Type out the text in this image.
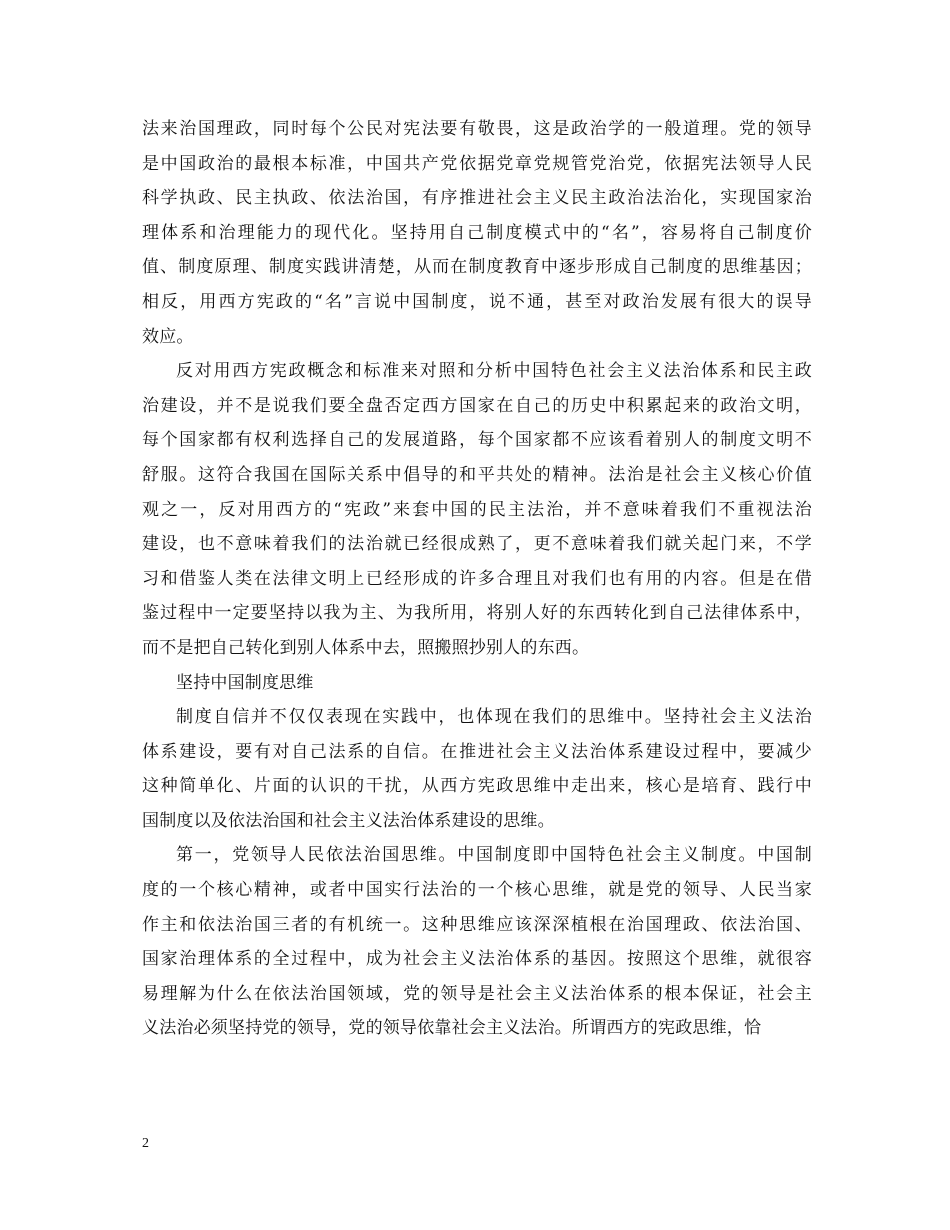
法来治国理政，同时每个公民对宪法要有敬畏，这是政治学的一般道理。党的领导
是中国政治的最根本标准，中国共产党依据党章党规管党治党，依据宪法领导人民
科学执政、民主执政、依法治国，有序推进社会主义民主政治法治化，实现国家治
理体系和治理能力的现代化。坚持用自己制度模式中的“名”，容易将自己制度价
值、制度原理、制度实践讲清楚，从而在制度教育中逐步形成自己制度的思维基因；
相反，用西方宪政的“名”言说中国制度，说不通，甚至对政治发展有很大的误导
效应。
反对用西方宪政概念和标准来对照和分析中国特色社会主义法治体系和民主政
治建设，并不是说我们要全盘否定西方国家在自己的历史中积累起来的政治文明，
每个国家都有权利选择自己的发展道路，每个国家都不应该看着别人的制度文明不
舒服。这符合我国在国际关系中倡导的和平共处的精神。法治是社会主义核心价值
观之一，反对用西方的“宪政”来套中国的民主法治，并不意味着我们不重视法治
建设，也不意味着我们的法治就已经很成熟了，更不意味着我们就关起门来，不学
习和借鉴人类在法律文明上已经形成的许多合理且对我们也有用的内容。但是在借
鉴过程中一定要坚持以我为主、为我所用，将别人好的东西转化到自己法律体系中，
而不是把自己转化到别人体系中去，照搬照抄别人的东西。
坚持中国制度思维
制度自信并不仅仅表现在实践中，也体现在我们的思维中。坚持社会主义法治
体系建设，要有对自己法系的自信。在推进社会主义法治体系建设过程中，要减少
这种简单化、片面的认识的干扰，从西方宪政思维中走出来，核心是培育、践行中
国制度以及依法治国和社会主义法治体系建设的思维。
第一，党领导人民依法治国思维。中国制度即中国特色社会主义制度。中国制
度的一个核心精神，或者中国实行法治的一个核心思维，就是党的领导、人民当家
作主和依法治国三者的有机统一。这种思维应该深深植根在治国理政、依法治国、
国家治理体系的全过程中，成为社会主义法治体系的基因。按照这个思维，就很容
易理解为什么在依法治国领域，党的领导是社会主义法治体系的根本保证，社会主
义法治必须坚持党的领导，党的领导依靠社会主义法治。所谓西方的宪政思维，恰
2
